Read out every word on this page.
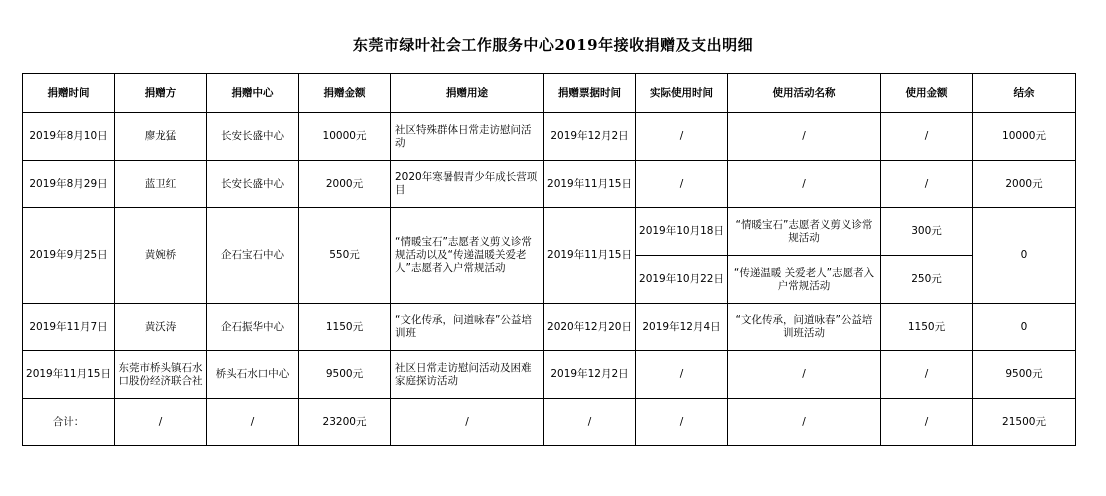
东莞市绿叶社会工作服务中心2019年接收捐赠及支出明细
捐赠时间	捐赠方	捐赠中心	捐赠金额	捐赠用途	捐赠票据时间	实际使用时间	使用活动名称	使用金额	结余
2019年8月10日	廖龙猛	长安长盛中心	10000元	社区特殊群体日常走访慰问活动	2019年12月2日	/	/	/	10000元
2019年8月29日	蓝卫红	长安长盛中心	2000元	2020年寒暑假青少年成长营项目	2019年11月15日	/	/	/	2000元
2019年9月25日	黄婉桥	企石宝石中心	550元	“情暖宝石”志愿者义剪义诊常规活动以及“传递温暖关爱老人”志愿者入户常规活动	2019年11月15日	2019年10月18日	“情暖宝石”志愿者义剪义诊常规活动	300元	0
						2019年10月22日	“传递温暖 关爱老人”志愿者入户常规活动	250元	
2019年11月7日	黄沃涛	企石振华中心	1150元	“文化传承，问道咏春”公益培训班	2020年12月20日	2019年12月4日	“文化传承，问道咏春”公益培训班活动	1150元	0
2019年11月15日	东莞市桥头镇石水口股份经济联合社	桥头石水口中心	9500元	社区日常走访慰问活动及困难家庭探访活动	2019年12月2日	/	/	/	9500元
合计：	/	/	23200元	/	/	/	/	/	21500元
